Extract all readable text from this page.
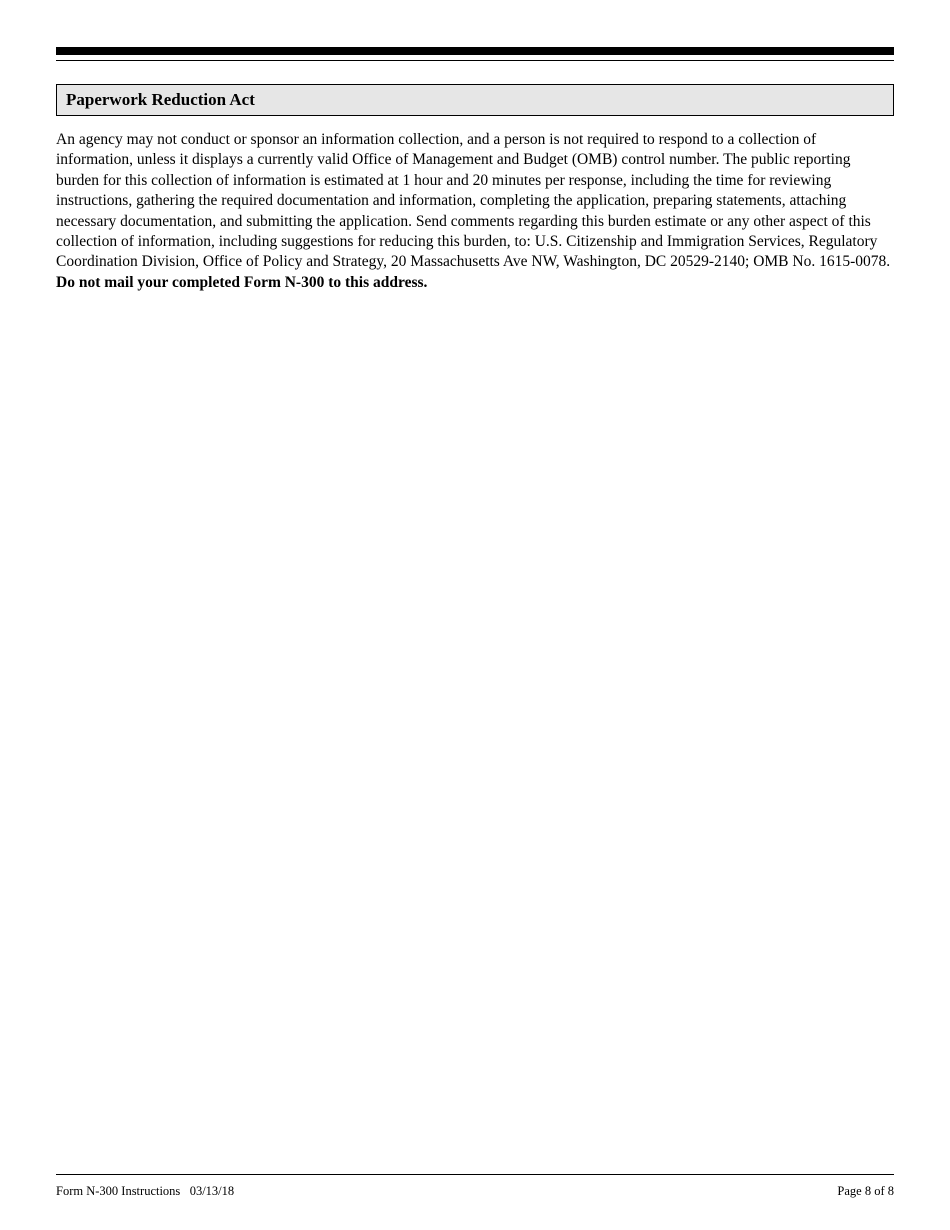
Paperwork Reduction Act

An agency may not conduct or sponsor an information collection, and a person is not required to respond to a collection of information, unless it displays a currently valid Office of Management and Budget (OMB) control number. The public reporting burden for this collection of information is estimated at 1 hour and 20 minutes per response, including the time for reviewing instructions, gathering the required documentation and information, completing the application, preparing statements, attaching necessary documentation, and submitting the application. Send comments regarding this burden estimate or any other aspect of this collection of information, including suggestions for reducing this burden, to: U.S. Citizenship and Immigration Services, Regulatory Coordination Division, Office of Policy and Strategy, 20 Massachusetts Ave NW, Washington, DC 20529-2140; OMB No. 1615-0078. Do not mail your completed Form N-300 to this address.

Form N-300 Instructions 03/13/18	Page 8 of 8
